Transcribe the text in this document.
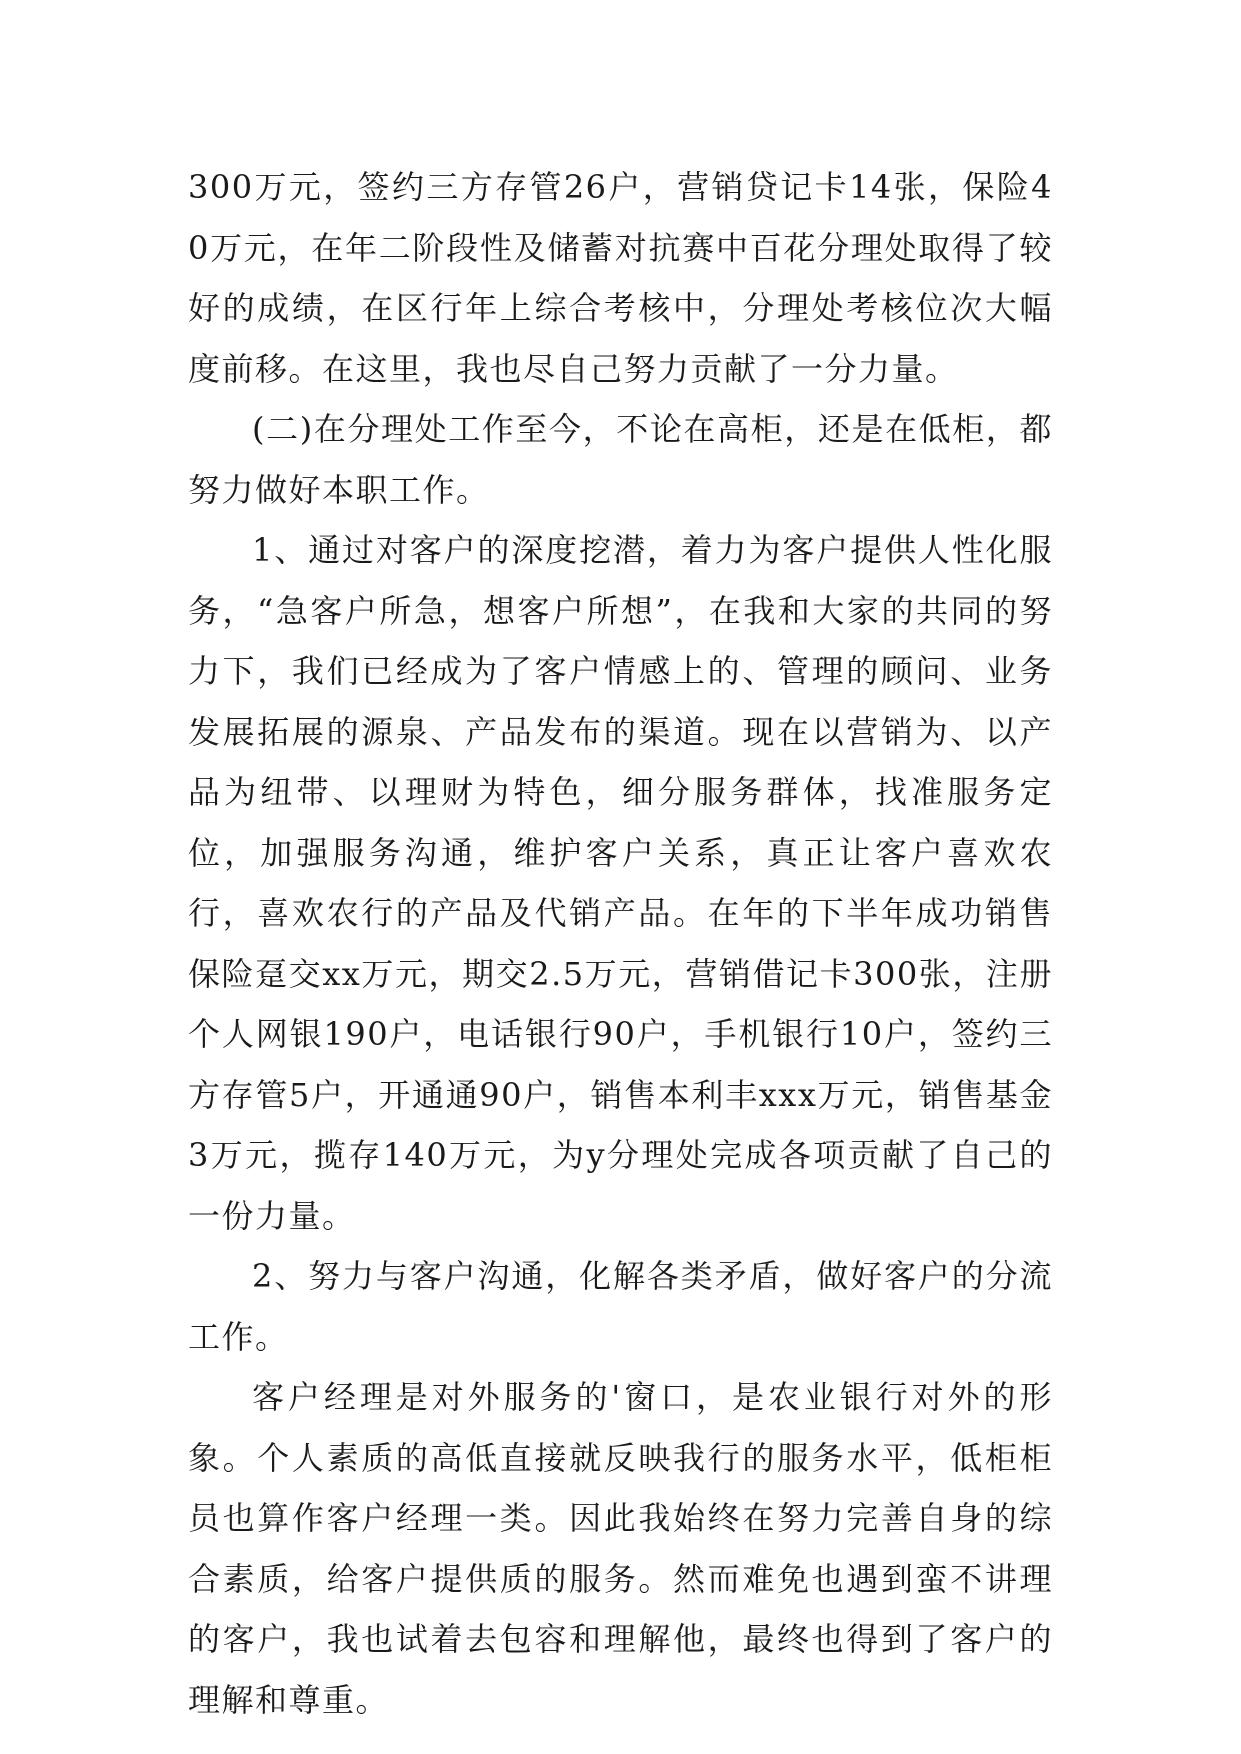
300万元，签约三方存管26户，营销贷记卡14张，保险40万元，在年二阶段性及储蓄对抗赛中百花分理处取得了较好的成绩，在区行年上综合考核中，分理处考核位次大幅度前移。在这里，我也尽自己努力贡献了一分力量。

(二)在分理处工作至今，不论在高柜，还是在低柜，都努力做好本职工作。

1、通过对客户的深度挖潜，着力为客户提供人性化服务，“急客户所急，想客户所想”，在我和大家的共同的努力下，我们已经成为了客户情感上的、管理的顾问、业务发展拓展的源泉、产品发布的渠道。现在以营销为、以产品为纽带、以理财为特色，细分服务群体，找准服务定位，加强服务沟通，维护客户关系，真正让客户喜欢农行，喜欢农行的产品及代销产品。在年的下半年成功销售保险趸交xx万元，期交2.5万元，营销借记卡300张，注册个人网银190户，电话银行90户，手机银行10户，签约三方存管5户，开通通90户，销售本利丰xxx万元，销售基金3万元，揽存140万元，为y分理处完成各项贡献了自己的一份力量。

2、努力与客户沟通，化解各类矛盾，做好客户的分流工作。

客户经理是对外服务的'窗口，是农业银行对外的形象。个人素质的高低直接就反映我行的服务水平，低柜柜员也算作客户经理一类。因此我始终在努力完善自身的综合素质，给客户提供质的服务。然而难免也遇到蛮不讲理的客户，我也试着去包容和理解他，最终也得到了客户的理解和尊重。
